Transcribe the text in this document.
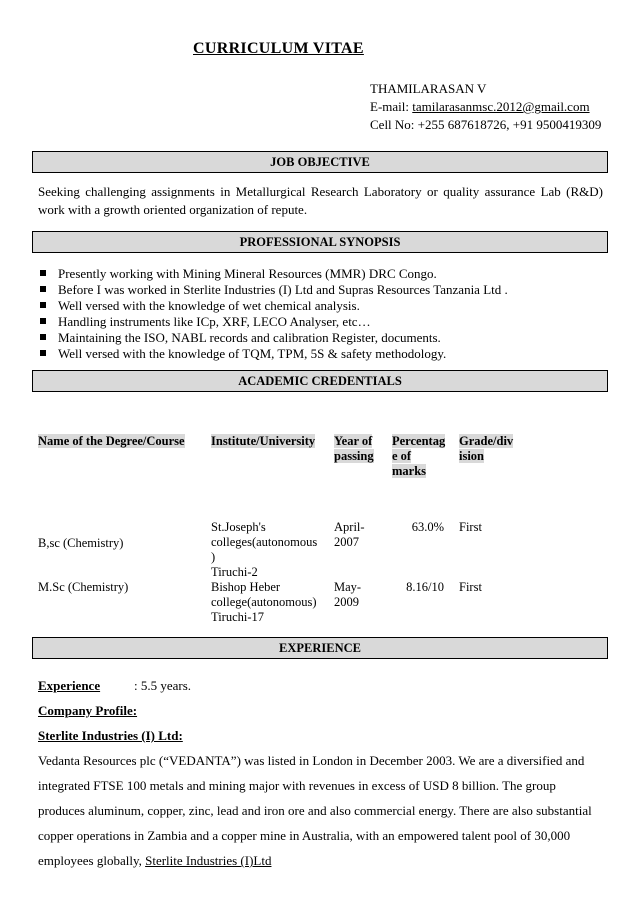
CURRICULUM VITAE
THAMILARASAN V
E-mail: tamilarasanmsc.2012@gmail.com
Cell No: +255 687618726, +91 9500419309
JOB OBJECTIVE
Seeking challenging assignments in Metallurgical Research Laboratory or quality assurance Lab (R&D) work with a growth oriented organization of repute.
PROFESSIONAL SYNOPSIS
Presently working with Mining Mineral Resources (MMR) DRC Congo.
Before I was worked in Sterlite Industries (I) Ltd and Supras Resources Tanzania Ltd .
Well versed with the knowledge of wet chemical analysis.
Handling instruments like ICp, XRF, LECO Analyser, etc…
Maintaining the ISO, NABL records and calibration Register, documents.
Well versed with the knowledge of TQM, TPM, 5S & safety methodology.
ACADEMIC CREDENTIALS
Name of the Degree/Course Institute/University Year of
passing
Percentag
e of
marks
Grade/div
ision
B,sc (Chemistry)
St.Joseph's
colleges(autonomous
)
Tiruchi-2
April-
2007
63.0% First
M.Sc (Chemistry)	Bishop Heber
college(autonomous)
Tiruchi-17
May-
2009
8.16/10 First
EXPERIENCE
Experience	: 5.5 years.
Company Profile:
Sterlite Industries (I) Ltd:
Vedanta Resources plc (“VEDANTA”) was listed in London in December 2003. We are a diversified and
integrated FTSE 100 metals and mining major with revenues in excess of USD 8 billion. The group
produces aluminum, copper, zinc, lead and iron ore and also commercial energy. There are also substantial
copper operations in Zambia and a copper mine in Australia, with an empowered talent pool of 30,000
employees globally, Sterlite Industries (I)Ltd
